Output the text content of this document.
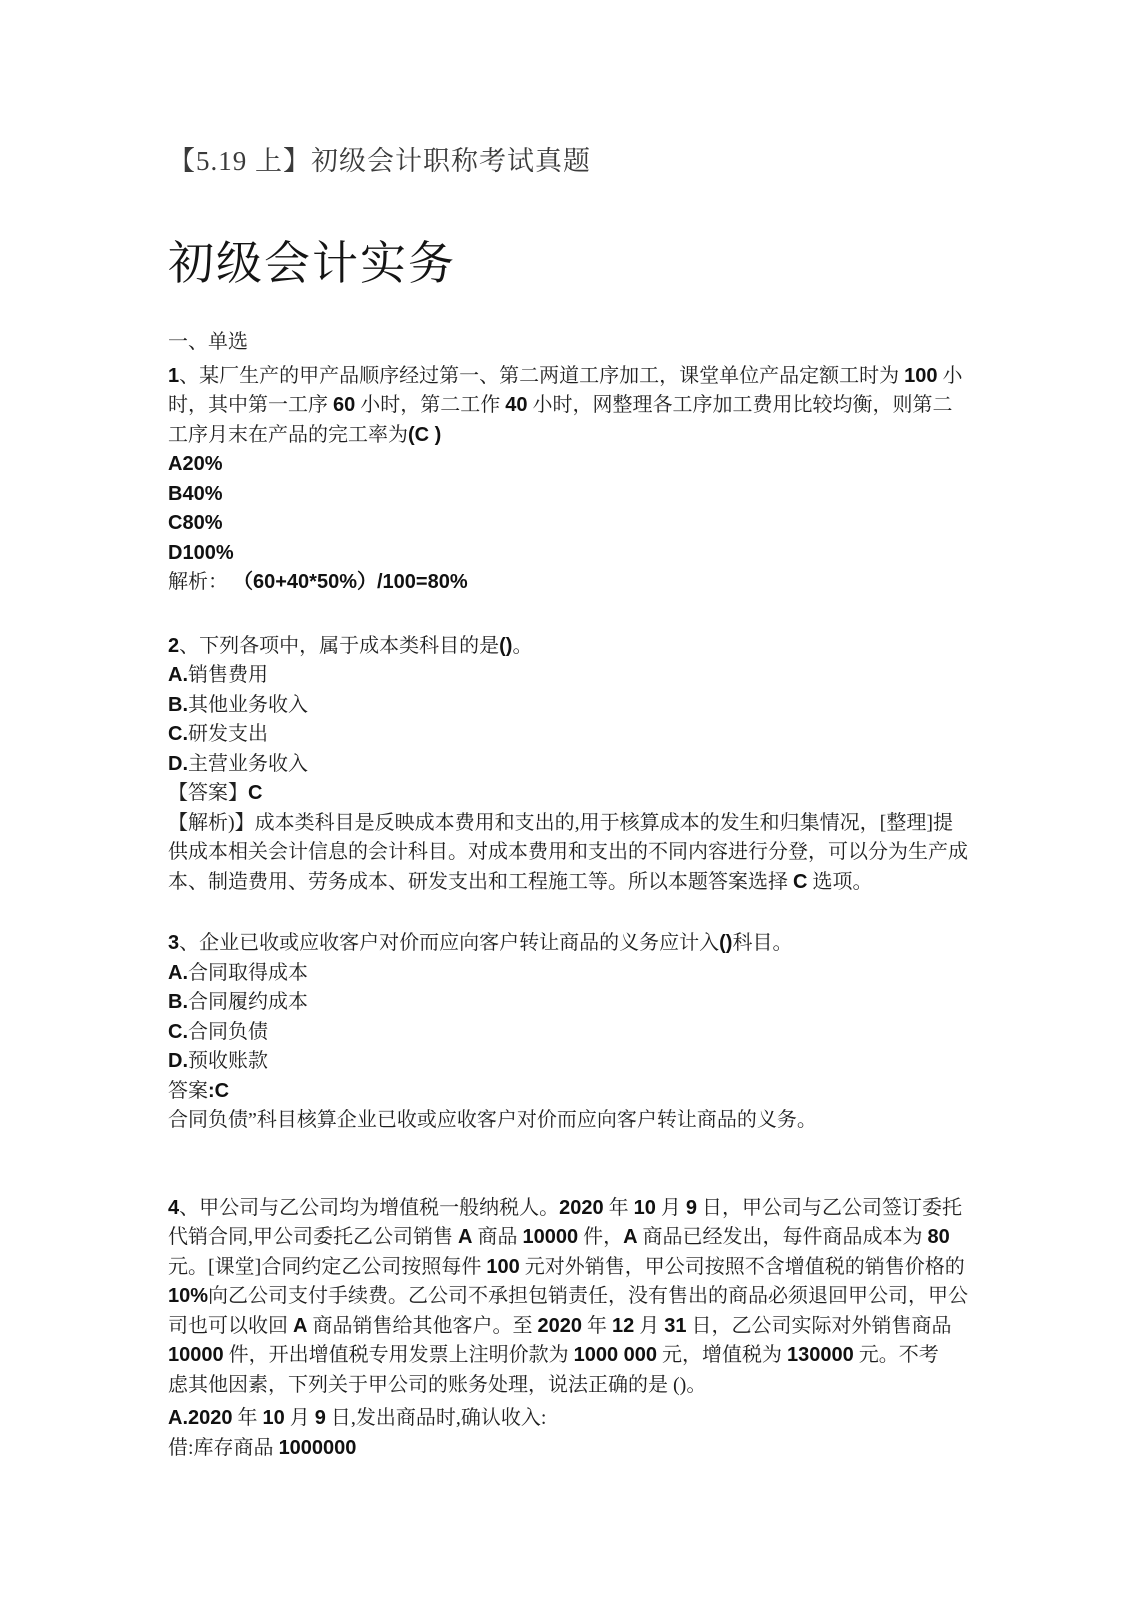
【5.19 上】初级会计职称考试真题
初级会计实务
一、单选
1、某厂生产的甲产品顺序经过第一、第二两道工序加工，课堂单位产品定额工时为 100 小
时，其中第一工序 60 小时，第二工作 40 小时，网整理各工序加工费用比较均衡，则第二
工序月末在产品的完工率为(C )
A20%
B40%
C80%
D100%
解析： （60+40*50%）/100=80%
2、下列各项中，属于成本类科目的是()。
A.销售费用
B.其他业务收入
C.研发支出
D.主营业务收入
【答案】C
【解析)】成本类科目是反映成本费用和支出的,用于核算成本的发生和归集情况，[整理]提
供成本相关会计信息的会计科目。对成本费用和支出的不同内容进行分登，可以分为生产成
本、制造费用、劳务成本、研发支出和工程施工等。所以本题答案选择 C 选项。
3、企业已收或应收客户对价而应向客户转让商品的义务应计入()科目。
A.合同取得成本
B.合同履约成本
C.合同负债
D.预收账款
答案:C
合同负债”科目核算企业已收或应收客户对价而应向客户转让商品的义务。
4、甲公司与乙公司均为增值税一般纳税人。2020 年 10 月 9 日，甲公司与乙公司签订委托
代销合同,甲公司委托乙公司销售 A 商品 10000 件，A 商品已经发出，每件商品成本为 80
元。[课堂]合同约定乙公司按照每件 100 元对外销售，甲公司按照不含增值税的销售价格的
10%向乙公司支付手续费。乙公司不承担包销责任，没有售出的商品必须退回甲公司，甲公
司也可以收回 A 商品销售给其他客户。至 2020 年 12 月 31 日，乙公司实际对外销售商品
10000 件，开出增值税专用发票上注明价款为 1000 000 元，增值税为 130000 元。不考
虑其他因素，下列关于甲公司的账务处理，说法正确的是 ()。
A.2020 年 10 月 9 日,发出商品时,确认收入:
借:库存商品 1000000
